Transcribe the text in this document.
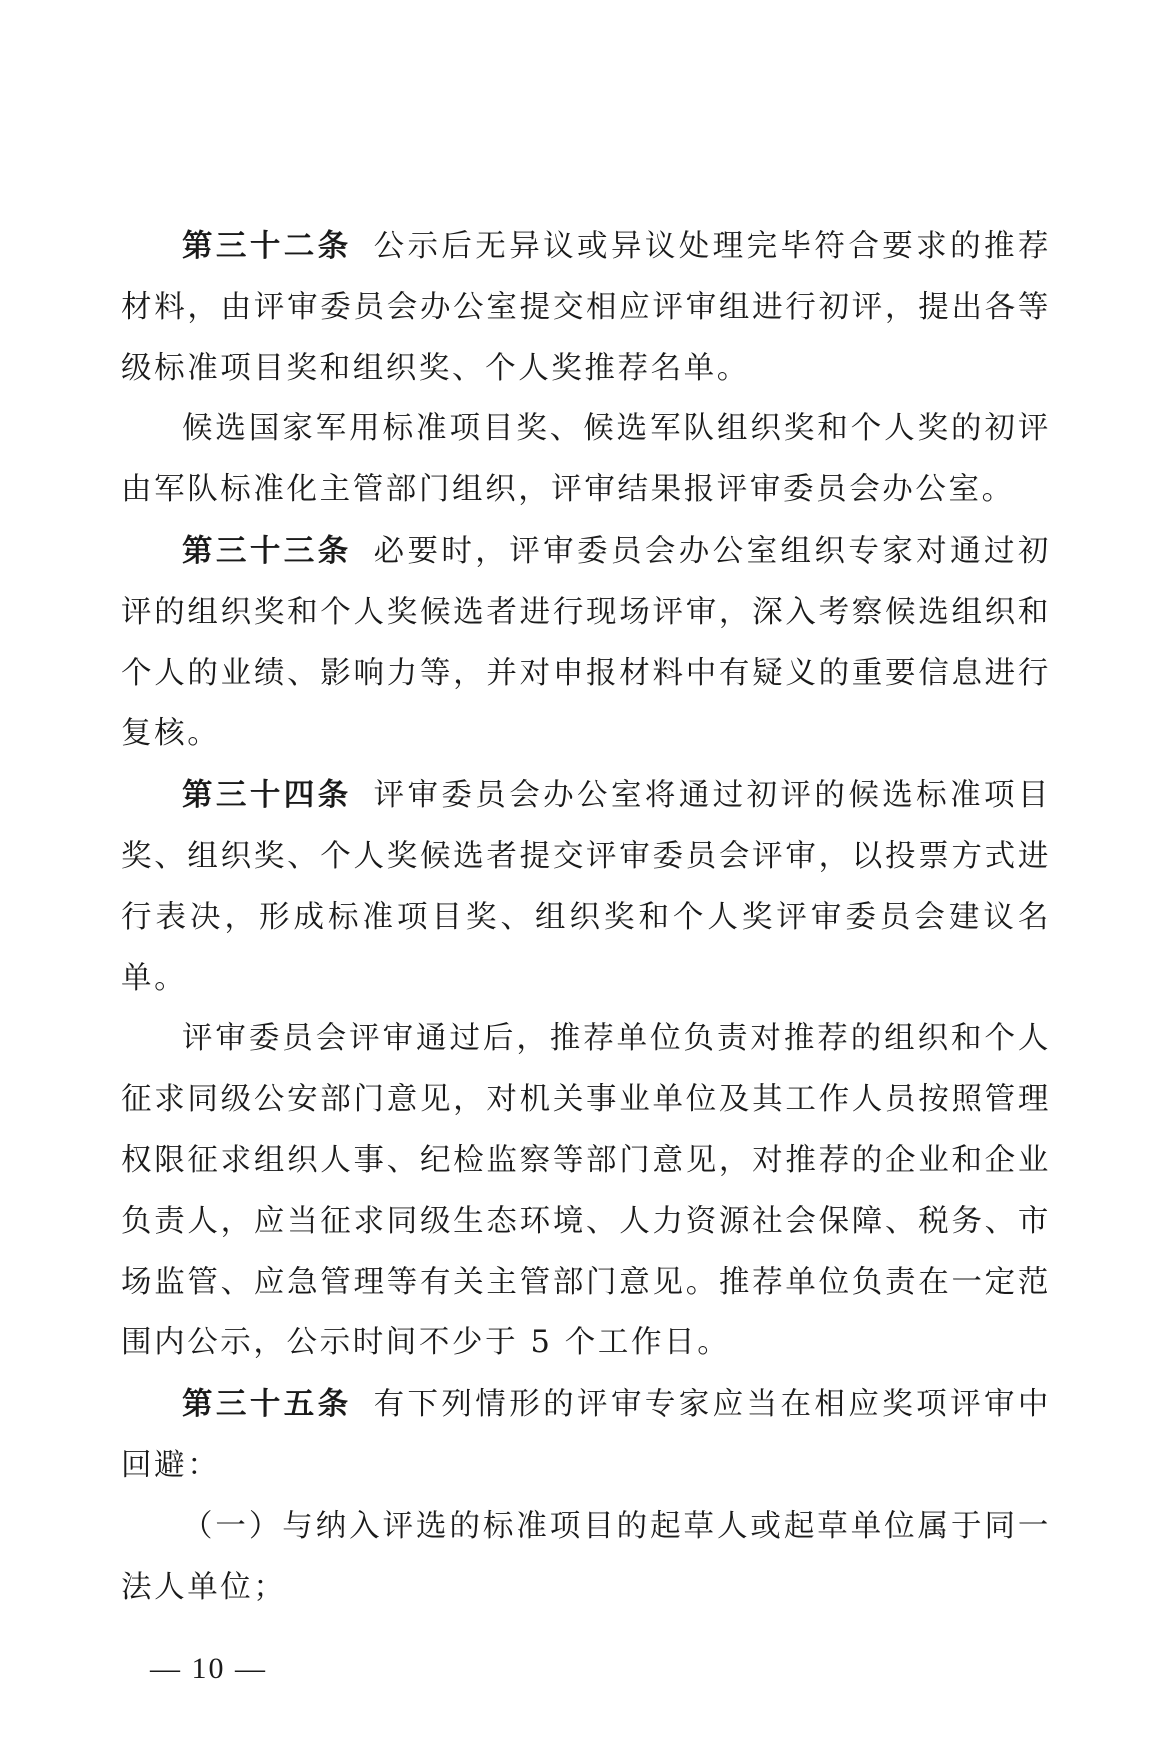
第三十二条 公示后无异议或异议处理完毕符合要求的推荐材料，由评审委员会办公室提交相应评审组进行初评，提出各等级标准项目奖和组织奖、个人奖推荐名单。

候选国家军用标准项目奖、候选军队组织奖和个人奖的初评由军队标准化主管部门组织，评审结果报评审委员会办公室。

第三十三条 必要时，评审委员会办公室组织专家对通过初评的组织奖和个人奖候选者进行现场评审，深入考察候选组织和个人的业绩、影响力等，并对申报材料中有疑义的重要信息进行复核。

第三十四条 评审委员会办公室将通过初评的候选标准项目奖、组织奖、个人奖候选者提交评审委员会评审，以投票方式进行表决，形成标准项目奖、组织奖和个人奖评审委员会建议名单。

评审委员会评审通过后，推荐单位负责对推荐的组织和个人征求同级公安部门意见，对机关事业单位及其工作人员按照管理权限征求组织人事、纪检监察等部门意见，对推荐的企业和企业负责人，应当征求同级生态环境、人力资源社会保障、税务、市场监管、应急管理等有关主管部门意见。推荐单位负责在一定范围内公示，公示时间不少于 5 个工作日。

第三十五条 有下列情形的评审专家应当在相应奖项评审中回避：

（一）与纳入评选的标准项目的起草人或起草单位属于同一法人单位；

— 10 —
